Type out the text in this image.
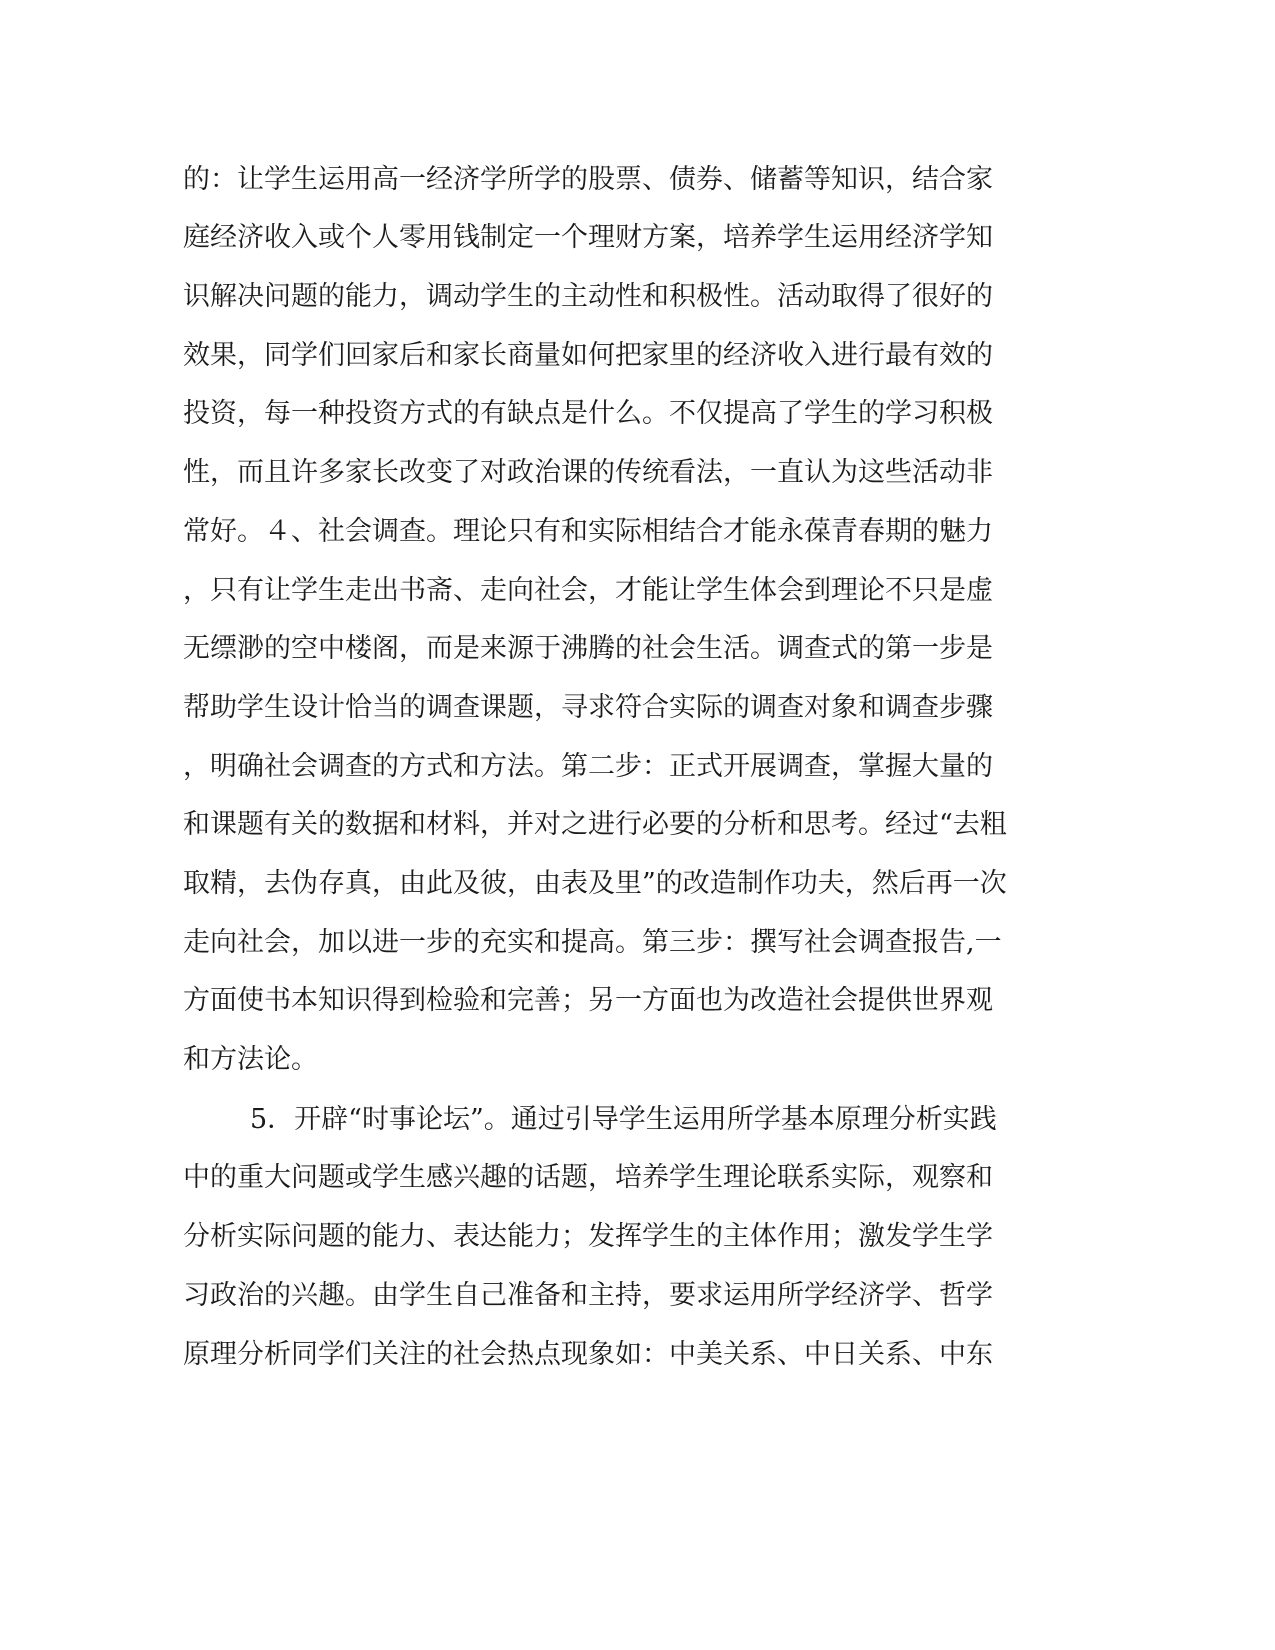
的：让学生运用高一经济学所学的股票、债券、储蓄等知识，结合家
庭经济收入或个人零用钱制定一个理财方案，培养学生运用经济学知
识解决问题的能力，调动学生的主动性和积极性。活动取得了很好的
效果，同学们回家后和家长商量如何把家里的经济收入进行最有效的
投资，每一种投资方式的有缺点是什么。不仅提高了学生的学习积极
性，而且许多家长改变了对政治课的传统看法，一直认为这些活动非
常好。４、社会调查。理论只有和实际相结合才能永葆青春期的魅力
，只有让学生走出书斋、走向社会，才能让学生体会到理论不只是虚
无缥渺的空中楼阁，而是来源于沸腾的社会生活。调查式的第一步是
帮助学生设计恰当的调查课题，寻求符合实际的调查对象和调查步骤
，明确社会调查的方式和方法。第二步：正式开展调查，掌握大量的
和课题有关的数据和材料，并对之进行必要的分析和思考。经过“去粗
取精，去伪存真，由此及彼，由表及里”的改造制作功夫，然后再一次
走向社会，加以进一步的充实和提高。第三步：撰写社会调查报告,一
方面使书本知识得到检验和完善；另一方面也为改造社会提供世界观
和方法论。
5．开辟“时事论坛”。通过引导学生运用所学基本原理分析实践
中的重大问题或学生感兴趣的话题，培养学生理论联系实际，观察和
分析实际问题的能力、表达能力；发挥学生的主体作用；激发学生学
习政治的兴趣。由学生自己准备和主持，要求运用所学经济学、哲学
原理分析同学们关注的社会热点现象如：中美关系、中日关系、中东
